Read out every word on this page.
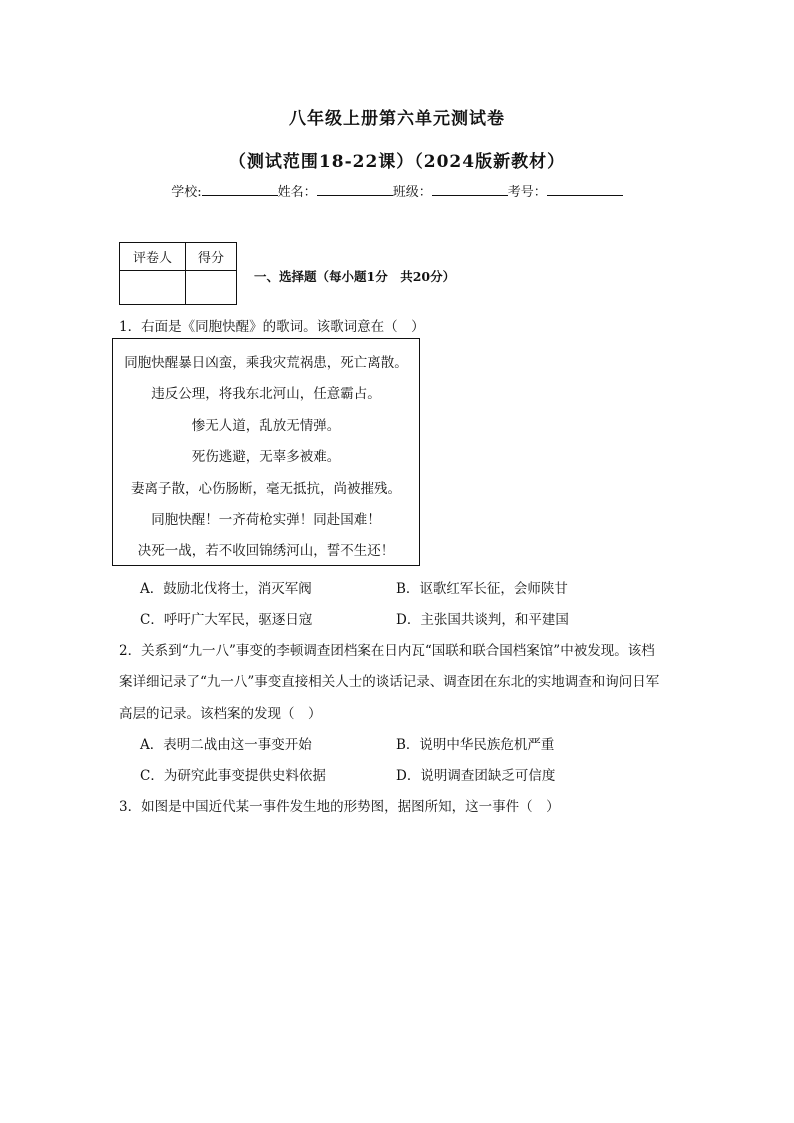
八年级上册第六单元测试卷
（测试范围18-22课）（2024版新教材）
学校:	姓名：	班级：	考号：
评卷人	得分

一、选择题（每小题1分　共20分）
1．右面是《同胞快醒》的歌词。该歌词意在（　）
同胞快醒暴日凶蛮，乘我灾荒祸患，死亡离散。
违反公理，将我东北河山，任意霸占。
惨无人道，乱放无情弹。
死伤逃避，无辜多被难。
妻离子散，心伤肠断，毫无抵抗，尚被摧残。
同胞快醒！一齐荷枪实弹！同赴国难！
决死一战，若不收回锦绣河山，誓不生还！
A．鼓励北伐将士，消灭军阀	B．讴歌红军长征，会师陕甘
C．呼吁广大军民，驱逐日寇	D．主张国共谈判，和平建国
2．关系到“九一八”事变的李顿调查团档案在日内瓦“国联和联合国档案馆”中被发现。该档
案详细记录了“九一八”事变直接相关人士的谈话记录、调查团在东北的实地调查和询问日军
高层的记录。该档案的发现（　）
A．表明二战由这一事变开始	B．说明中华民族危机严重
C．为研究此事变提供史料依据	D．说明调查团缺乏可信度
3．如图是中国近代某一事件发生地的形势图，据图所知，这一事件（　）
